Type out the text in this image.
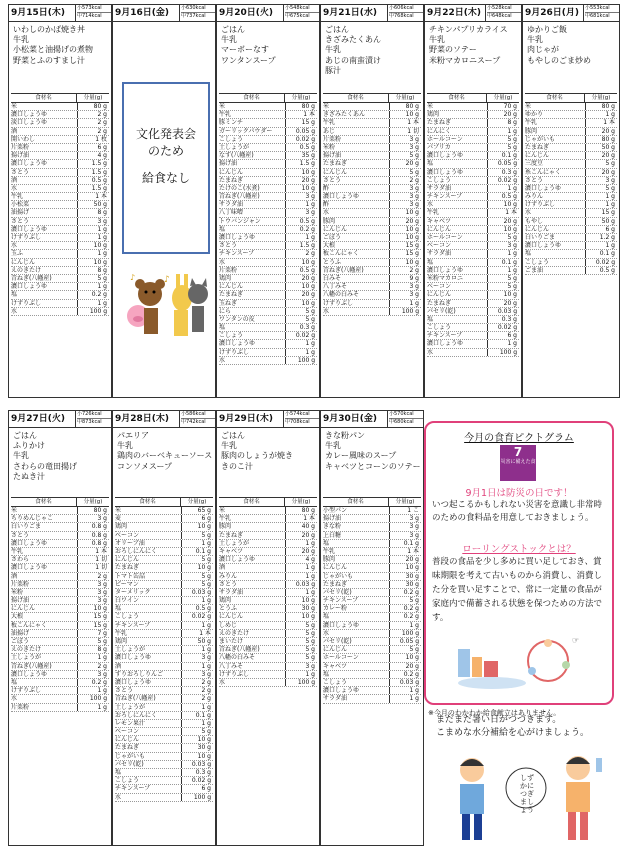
9月15日(木)	小573kcal
中714kcal
いわしのかば焼き丼
牛乳
小松菜と油揚げの煮物
野菜とふのすまし汁
食材名	分量(g)
米	80 g
濃口しょうゆ	2 g
淡口しょうゆ	2 g
酒	2 g
開いわし	1 枚
片栗粉	6 g
揚げ油	4 g
濃口しょうゆ	1.5 g
さとう	1.5 g
酒	0.5 g
水	1.5 g
牛乳	1 本
小松菜	50 g
油揚げ	8 g
さとう	3 g
濃口しょうゆ	1 g
けずりぶし	1 g
水	10 g
玉ふ	1 g
にんじん	10 g
えのきたけ	8 g
青ねぎ(八幡産)	5 g
濃口しょうゆ	1 g
塩	0.2 g
けずりぶし	1 g
水	100 g
9月16日(金)	小630kcal
中737kcal	9月20日(火)	小548kcal
中675kcal
ごはん
牛乳
マーボーなす
ワンタンスープ
食材名	分量(g)
米	80 g
牛乳	1 本
豚ミンチ	15 g
ガーリックパウダー	0.05 g
こしょう	0.02 g
土しょうが	0.5 g
なす(八幡産)	35 g
揚げ油	1.5 g
にんじん	10 g
たまねぎ	20 g
たけのこ(水煮)	10 g
青ねぎ(八幡産)	3 g
サラダ油	1 g
八丁味噌	3 g
トウバンジャン	0.5 g
塩	0.2 g
濃口しょうゆ	1 g
さとう	1.5 g
チキンスープ	2 g
水	10 g
片栗粉	0.5 g
鶏肉	20 g
にんじん	10 g
たまねぎ	20 g
玉ねぎ	10 g
にら	5 g
ワンタンの皮	5 g
塩	0.3 g
こしょう	0.02 g
濃口しょうゆ	1 g
けずりぶし	1 g
水	100 g
9月21日(水)	小606kcal
中768kcal
ごはん
きざみたくあん
牛乳
あじの南蛮漬け
豚汁
食材名	分量(g)
米	80 g
きざみたくあん	10 g
牛乳	1 本
あじ	1 切
片栗粉	3 g
米粉	3 g
揚げ油	5 g
たまねぎ	20 g
にんじん	5 g
さとう	2 g
酢	3 g
濃口しょうゆ	3 g
酢	3 g
水	10 g
豚肉	20 g
にんじん	10 g
ごぼう	10 g
大根	15 g
板こんにゃく	15 g
とうふ	10 g
青ねぎ(八幡産)	2 g
白みそ	9 g
八丁みそ	3 g
八幡の白みそ	3 g
けずりぶし	1 g
水	100 g
9月22日(木)	小528kcal
中648kcal
チキンパプリカライス
牛乳
野菜のソテー
米粉マカロニスープ
食材名	分量(g)
米	70 g
鶏肉	20 g
たまねぎ	8 g
にんにく	1 g
ホールコーン	5 g
パプリカ	5 g
濃口しょうゆ	0.1 g
塩	0.05 g
濃口しょうゆ	0.3 g
こしょう	0.02 g
サラダ油	1 g
チキンスープ	0.5 g
水	10 g
牛乳	1 本
キャベツ	20 g
にんじん	10 g
ホールコーン	5 g
ベーコン	3 g
サラダ油	1 g
塩	0.1 g
濃口しょうゆ	1 g
米粉マカロニ	5 g
ベーコン	5 g
にんじん	10 g
たまねぎ	20 g
パセリ(乾)	0.03 g
塩	0.3 g
こしょう	0.02 g
チキンスープ	6 g
濃口しょうゆ	1 g
水	100 g
9月26日(月)	小553kcal
中681kcal
ゆかりご飯
牛乳
肉じゃが
もやしのごま炒め
食材名	分量(g)
米	80 g
ゆかり	1 g
牛乳	1 本
豚肉	20 g
じゃがいも	80 g
たまねぎ	50 g
にんじん	20 g
三度豆	5 g
糸こんにゃく	20 g
さとう	3 g
濃口しょうゆ	5 g
みりん	1 g
けずりぶし	1 g
水	15 g
もやし	50 g
にんじん	6 g
白いりごま	1.2 g
濃口しょうゆ	1 g
塩	0.1 g
こしょう	0.02 g
ごま油	0.5 g
9月27日(火)	小726kcal
中873kcal
ごはん
ふりかけ
牛乳
さわらの竜田揚げ
たぬき汁
食材名	分量(g)
米	80 g
ちりめんじゃこ	3 g
白いりごま	0.8 g
さとう	0.8 g
濃口しょうゆ	0.8 g
牛乳	1 本
さわら	1 切
濃口しょうゆ	1 切
酒	2 g
片栗粉	3 g
米粉	3 g
揚げ油	3 g
にんじん	10 g
大根	15 g
板こんにゃく	15 g
油揚げ	7 g
ごぼう	5 g
えのきたけ	8 g
土しょうが	1 g
青ねぎ(八幡産)	2 g
濃口しょうゆ	3 g
塩	0.2 g
けずりぶし	1 g
水	100 g
片栗粉	1 g
9月28日(木)	小586kcal
中742kcal
パエリア
牛乳
鶏肉のバーベキューソース
コンソメスープ
食材名	分量(g)
米	65 g
麦	6 g
鶏肉	10 g
ベーコン	5 g
オリーブ油	1 g
おろしにんにく	0.1 g
にんじん	5 g
たまねぎ	10 g
トマト缶詰	5 g
ピーマン	5 g
ターメリック	0.03 g
白ワイン	1 g
塩	0.5 g
こしょう	0.02 g
チキンスープ	1 g
牛乳	1 本
鶏肉	50 g
土しょうが	1 g
濃口しょうゆ	3 g
酒	1 g
すりおろしりんご	3 g
濃口しょうゆ	2 g
さとう	2 g
青ねぎ(八幡産)	2 g
土しょうが	1 g
おろしにんにく	0.1 g
レモン果汁	1 g
ベーコン	5 g
にんじん	10 g
たまねぎ	30 g
じゃがいも	10 g
パセリ(乾)	0.03 g
塩	0.3 g
こしょう	0.02 g
チキンスープ	6 g
水	100 g
9月29日(木)	小574kcal
中708kcal
ごはん
牛乳
豚肉のしょうが焼き
きのこ汁
食材名	分量(g)
米	80 g
牛乳	1 本
豚肉	40 g
たまねぎ	20 g
土しょうが	1 g
キャベツ	20 g
濃口しょうゆ	4 g
酒	1 g
みりん	1 g
さとう	0.03 g
サラダ油	1 g
鶏肉	10 g
とうふ	30 g
にんじん	10 g
しめじ	5 g
えのきたけ	5 g
まいたけ	5 g
青ねぎ(八幡産)	5 g
八幡の白みそ	5 g
八丁みそ	3 g
けずりぶし	1 g
水	100 g
9月30日(金)	小570kcal
中680kcal
きな粉パン
牛乳
カレー風味のスープ
キャベツとコーンのソテー
食材名	分量(g)
小型パン	1 こ
揚げ油	3 g
きな粉	3 g
上白糖	3 g
塩	0.1 g
牛乳	1 本
豚肉	20 g
にんじん	10 g
じゃがいも	30 g
たまねぎ	30 g
パセリ(乾)	0.2 g
チキンスープ	5 g
カレー粉	0.2 g
塩	0.2 g
濃口しょうゆ	1 g
水	100 g
パセリ(乾)	0.05 g
にんじん	5 g
ホールコーン	10 g
キャベツ	20 g
塩	0.2 g
こしょう	0.03 g
濃口しょうゆ	1 g
サラダ油	1 g
文化発表会
のため
給食なし
♪
♪
今月の食育ピクトグラム
7
災害に備えた食
9月1日は防災の日です！
いつ起こるかもしれない災害を意識し非常時のための食料品を用意しておきましょう。
ローリングストックとは？
普段の食品を少し多めに買い足しておき、賞味期限を考えて古いものから消費し、消費した分を買い足すことで、常に一定量の食品が家庭内で備蓄される状態を保つための方法です。
☞
※今月のわかわか給食献立はありません。
まだまだ暑い日がつづきます。
こまめな水分補給を心がけましょう。
しずかにつぎましょう
